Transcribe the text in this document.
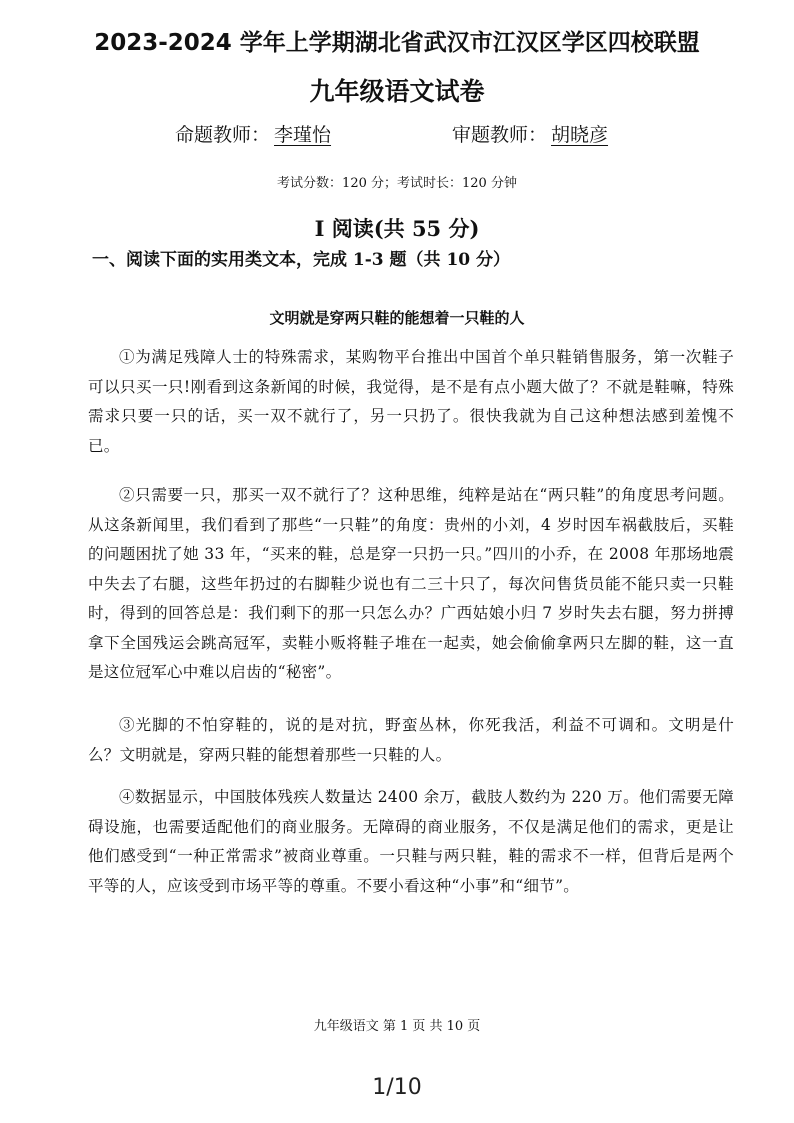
2023-2024 学年上学期湖北省武汉市江汉区学区四校联盟
九年级语文试卷
命题教师： 李瑾怡	审题教师： 胡晓彦
考试分数：120 分；考试时长：120 分钟
Ⅰ 阅读(共 55 分)
一、阅读下面的实用类文本，完成 1-3 题（共 10 分）
文明就是穿两只鞋的能想着一只鞋的人

①为满足残障人士的特殊需求，某购物平台推出中国首个单只鞋销售服务，第一次鞋子可以只买一只!刚看到这条新闻的时候，我觉得，是不是有点小题大做了？不就是鞋嘛，特殊需求只要一只的话，买一双不就行了，另一只扔了。很快我就为自己这种想法感到羞愧不已。

②只需要一只，那买一双不就行了？这种思维，纯粹是站在“两只鞋”的角度思考问题。从这条新闻里，我们看到了那些“一只鞋”的角度：贵州的小刘，4 岁时因车祸截肢后，买鞋的问题困扰了她 33 年，“买来的鞋，总是穿一只扔一只。”四川的小乔，在 2008 年那场地震中失去了右腿，这些年扔过的右脚鞋少说也有二三十只了，每次问售货员能不能只卖一只鞋时，得到的回答总是：我们剩下的那一只怎么办？广西姑娘小归 7 岁时失去右腿，努力拼搏拿下全国残运会跳高冠军，卖鞋小贩将鞋子堆在一起卖，她会偷偷拿两只左脚的鞋，这一直是这位冠军心中难以启齿的“秘密”。

③光脚的不怕穿鞋的，说的是对抗，野蛮丛林，你死我活，利益不可调和。文明是什么？文明就是，穿两只鞋的能想着那些一只鞋的人。

④数据显示，中国肢体残疾人数量达 2400 余万，截肢人数约为 220 万。他们需要无障碍设施，也需要适配他们的商业服务。无障碍的商业服务，不仅是满足他们的需求，更是让他们感受到“一种正常需求”被商业尊重。一只鞋与两只鞋，鞋的需求不一样，但背后是两个平等的人，应该受到市场平等的尊重。不要小看这种“小事”和“细节”。

九年级语文 第 1 页 共 10 页
1/10
